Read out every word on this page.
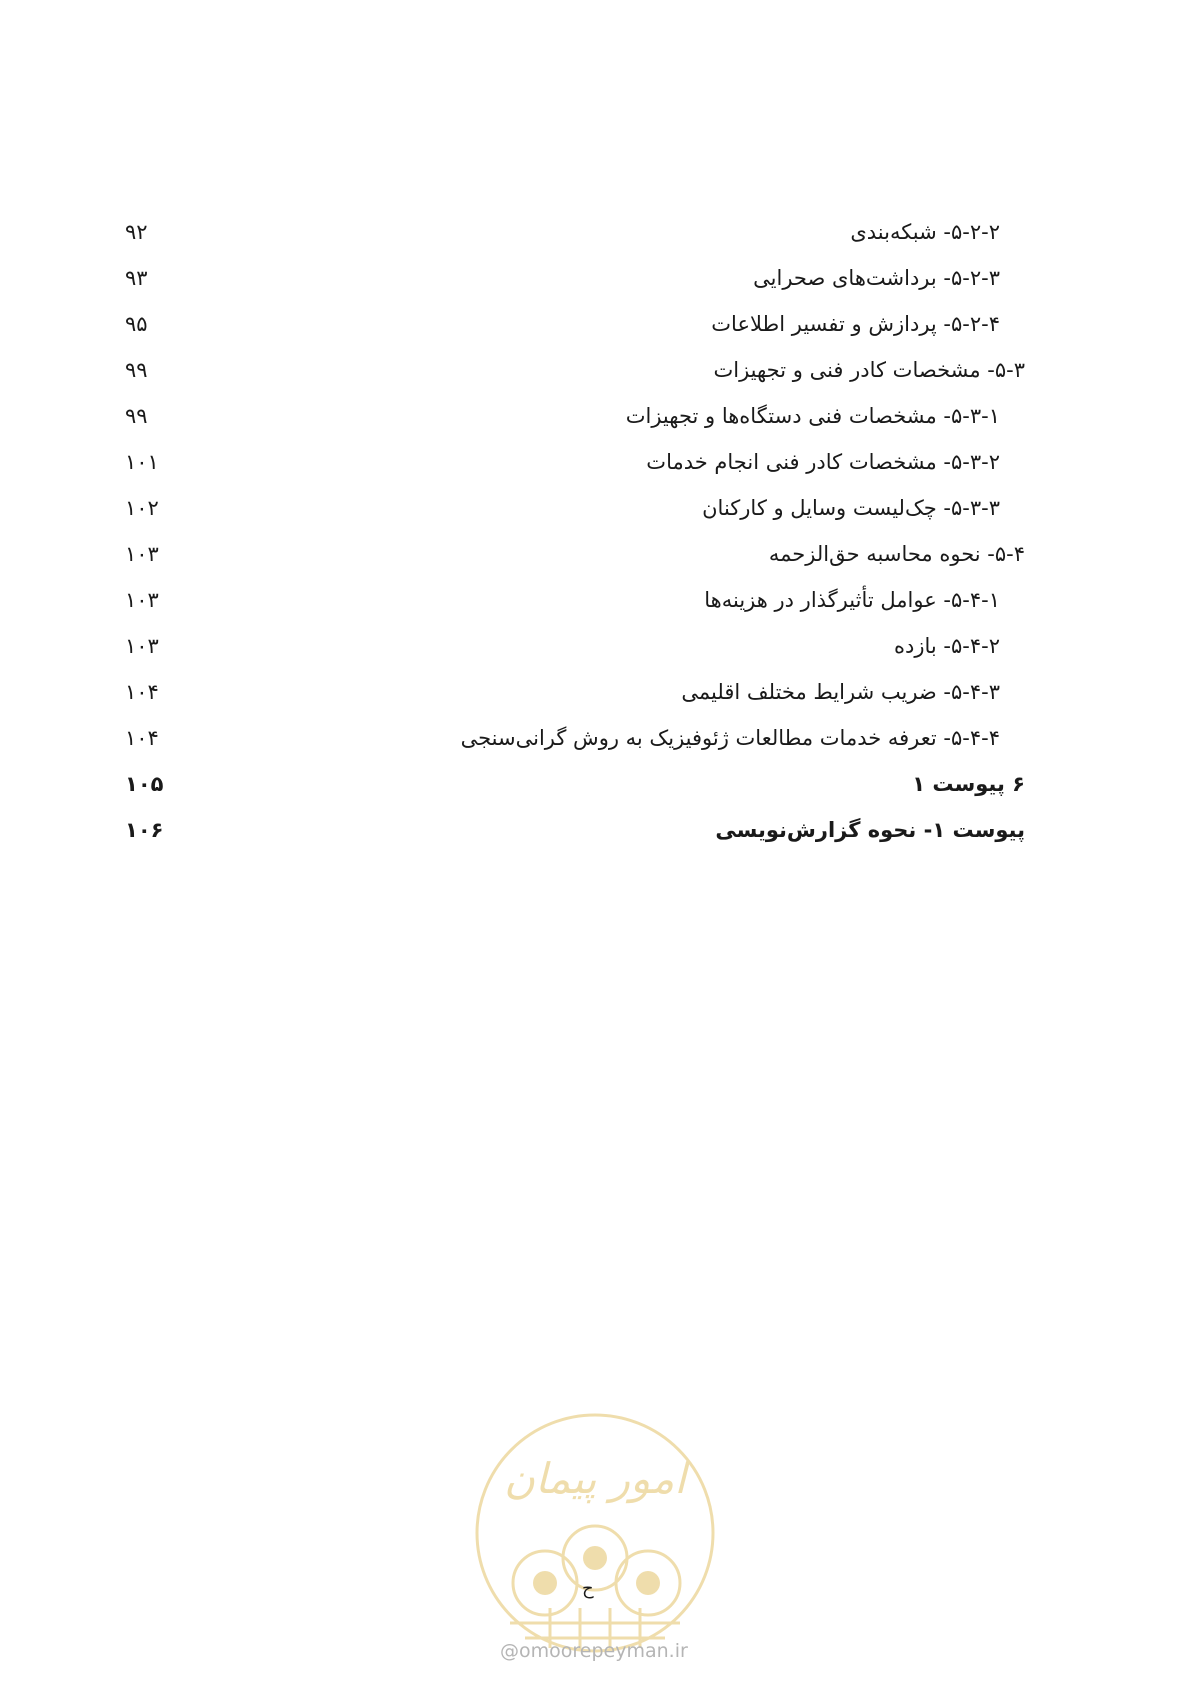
۵-۲-۲- شبکه‌بندی
۹۲
۵-۲-۳- برداشت‌های صحرایی
۹۳
۵-۲-۴- پردازش و تفسیر اطلاعات
۹۵
۵-۳- مشخصات کادر فنی و تجهیزات
۹۹
۵-۳-۱- مشخصات فنی دستگاه‌ها و تجهیزات
۹۹
۵-۳-۲- مشخصات کادر فنی انجام خدمات
۱۰۱
۵-۳-۳- چک‌لیست وسایل و کارکنان
۱۰۲
۵-۴- نحوه محاسبه حق‌الزحمه
۱۰۳
۵-۴-۱- عوامل تأثیرگذار در هزینه‌ها
۱۰۳
۵-۴-۲- بازده
۱۰۳
۵-۴-۳- ضریب شرایط مختلف اقلیمی
۱۰۴
۵-۴-۴- تعرفه خدمات مطالعات ژئوفیزیک به روش گرانی‌سنجی
۱۰۴
۶ پیوست ۱
۱۰۵
پیوست ۱- نحوه گزارش‌نویسی
۱۰۶
امور پیمان
ح
@omoorepeyman.ir
